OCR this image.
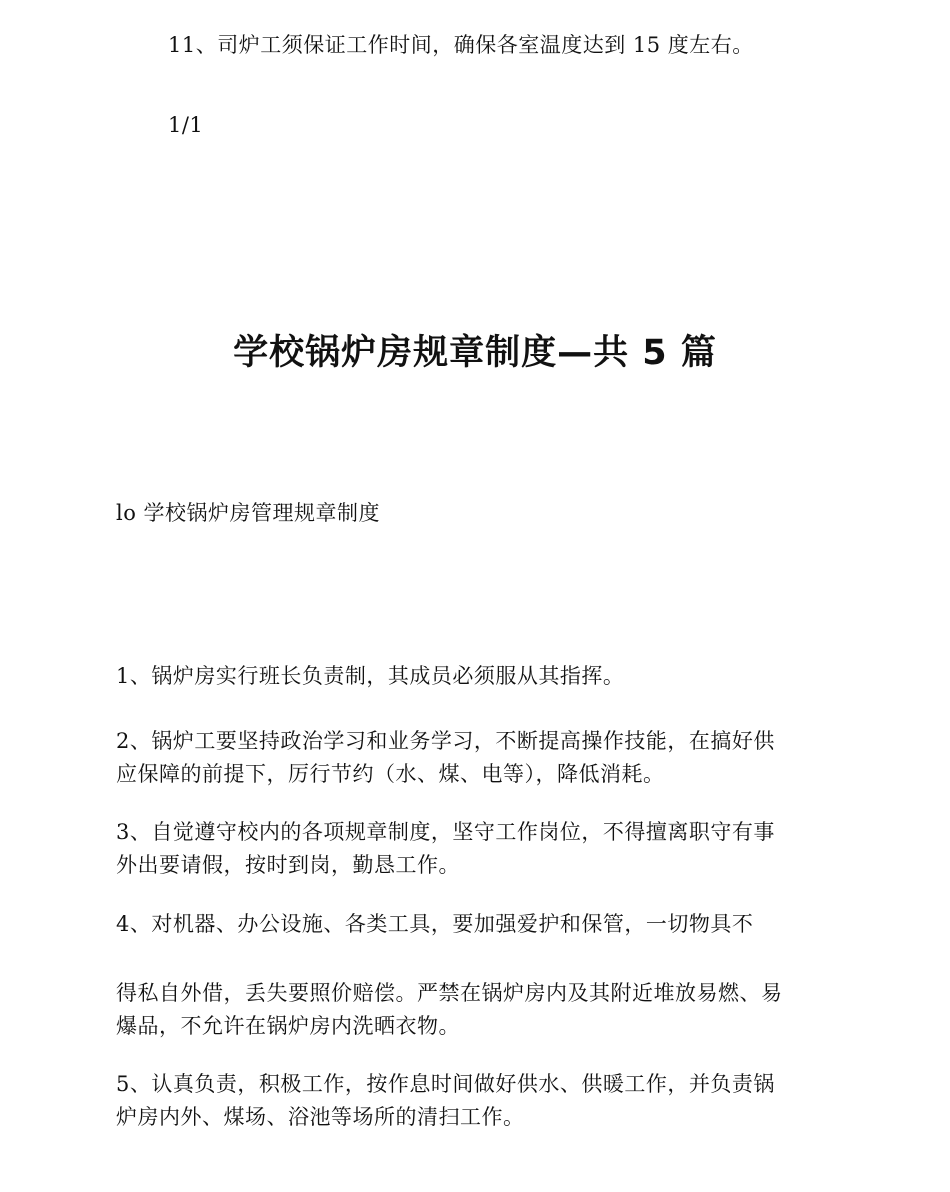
11、司炉工须保证工作时间，确保各室温度达到 15 度左右。

1/1

学校锅炉房规章制度—共 5 篇

lo 学校锅炉房管理规章制度

1、锅炉房实行班长负责制，其成员必须服从其指挥。

2、锅炉工要坚持政治学习和业务学习，不断提高操作技能，在搞好供

应保障的前提下，厉行节约（水、煤、电等），降低消耗。

3、自觉遵守校内的各项规章制度，坚守工作岗位，不得擅离职守有事

外出要请假，按时到岗，勤恳工作。

4、对机器、办公设施、各类工具，要加强爱护和保管，一切物具不

得私自外借，丢失要照价赔偿。严禁在锅炉房内及其附近堆放易燃、易

爆品，不允许在锅炉房内洗晒衣物。

5、认真负责，积极工作，按作息时间做好供水、供暖工作，并负责锅

炉房内外、煤场、浴池等场所的清扫工作。
